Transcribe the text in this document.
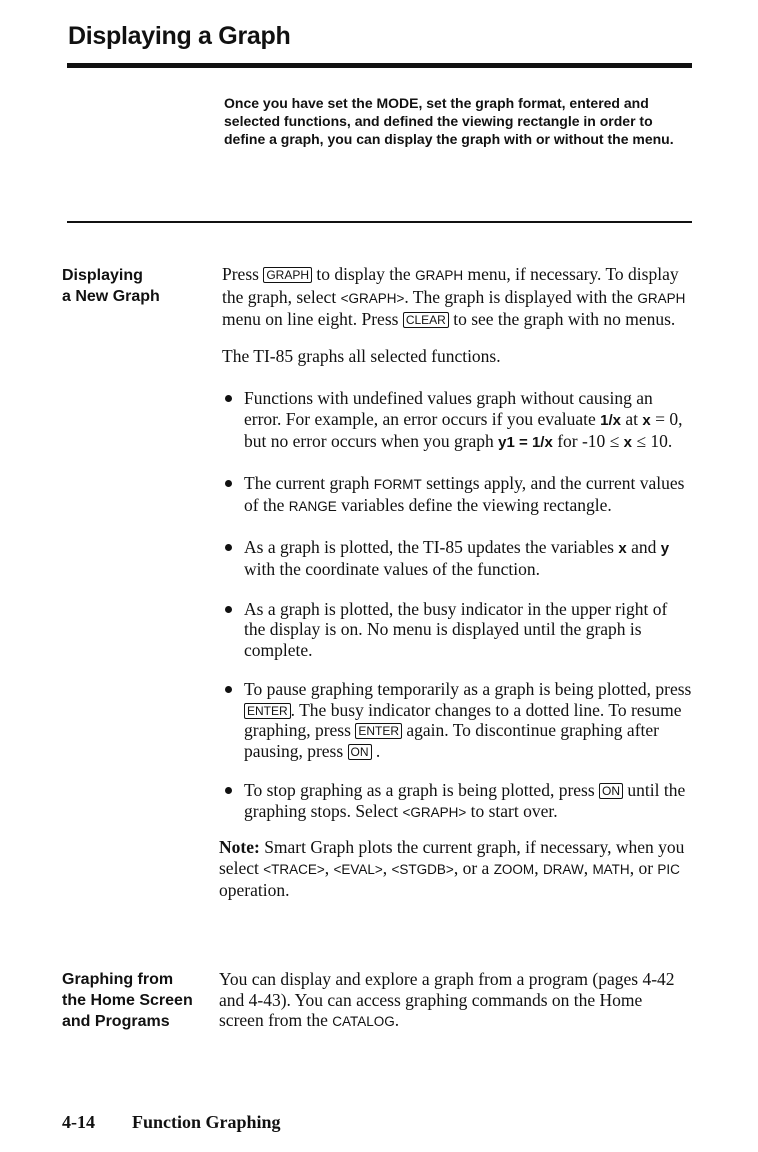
Displaying a Graph
Once you have set the MODE, set the graph format, entered and selected functions, and defined the viewing rectangle in order to define a graph, you can display the graph with or without the menu.
Displaying
a New Graph

Press GRAPH to display the GRAPH menu, if necessary. To display the graph, select <GRAPH>. The graph is displayed with the GRAPH menu on line eight. Press CLEAR to see the graph with no menus.

The TI-85 graphs all selected functions.

Functions with undefined values graph without causing an error. For example, an error occurs if you evaluate 1/x at x = 0, but no error occurs when you graph y1 = 1/x for -10 ≤ x ≤ 10.
The current graph FORMT settings apply, and the current values of the RANGE variables define the viewing rectangle.
As a graph is plotted, the TI-85 updates the variables x and y with the coordinate values of the function.
As a graph is plotted, the busy indicator in the upper right of the display is on. No menu is displayed until the graph is complete.
To pause graphing temporarily as a graph is being plotted, press ENTER . The busy indicator changes to a dotted line. To resume graphing, press ENTER again. To discontinue graphing after pausing, press ON .
To stop graphing as a graph is being plotted, press ON until the graphing stops. Select <GRAPH> to start over.

Note: Smart Graph plots the current graph, if necessary, when you select <TRACE>, <EVAL>, <STGDB>, or a ZOOM, DRAW, MATH, or PIC operation.

Graphing from
the Home Screen
and Programs

You can display and explore a graph from a program (pages 4-42 and 4-43). You can access graphing commands on the Home screen from the CATALOG.

4-14 Function Graphing
